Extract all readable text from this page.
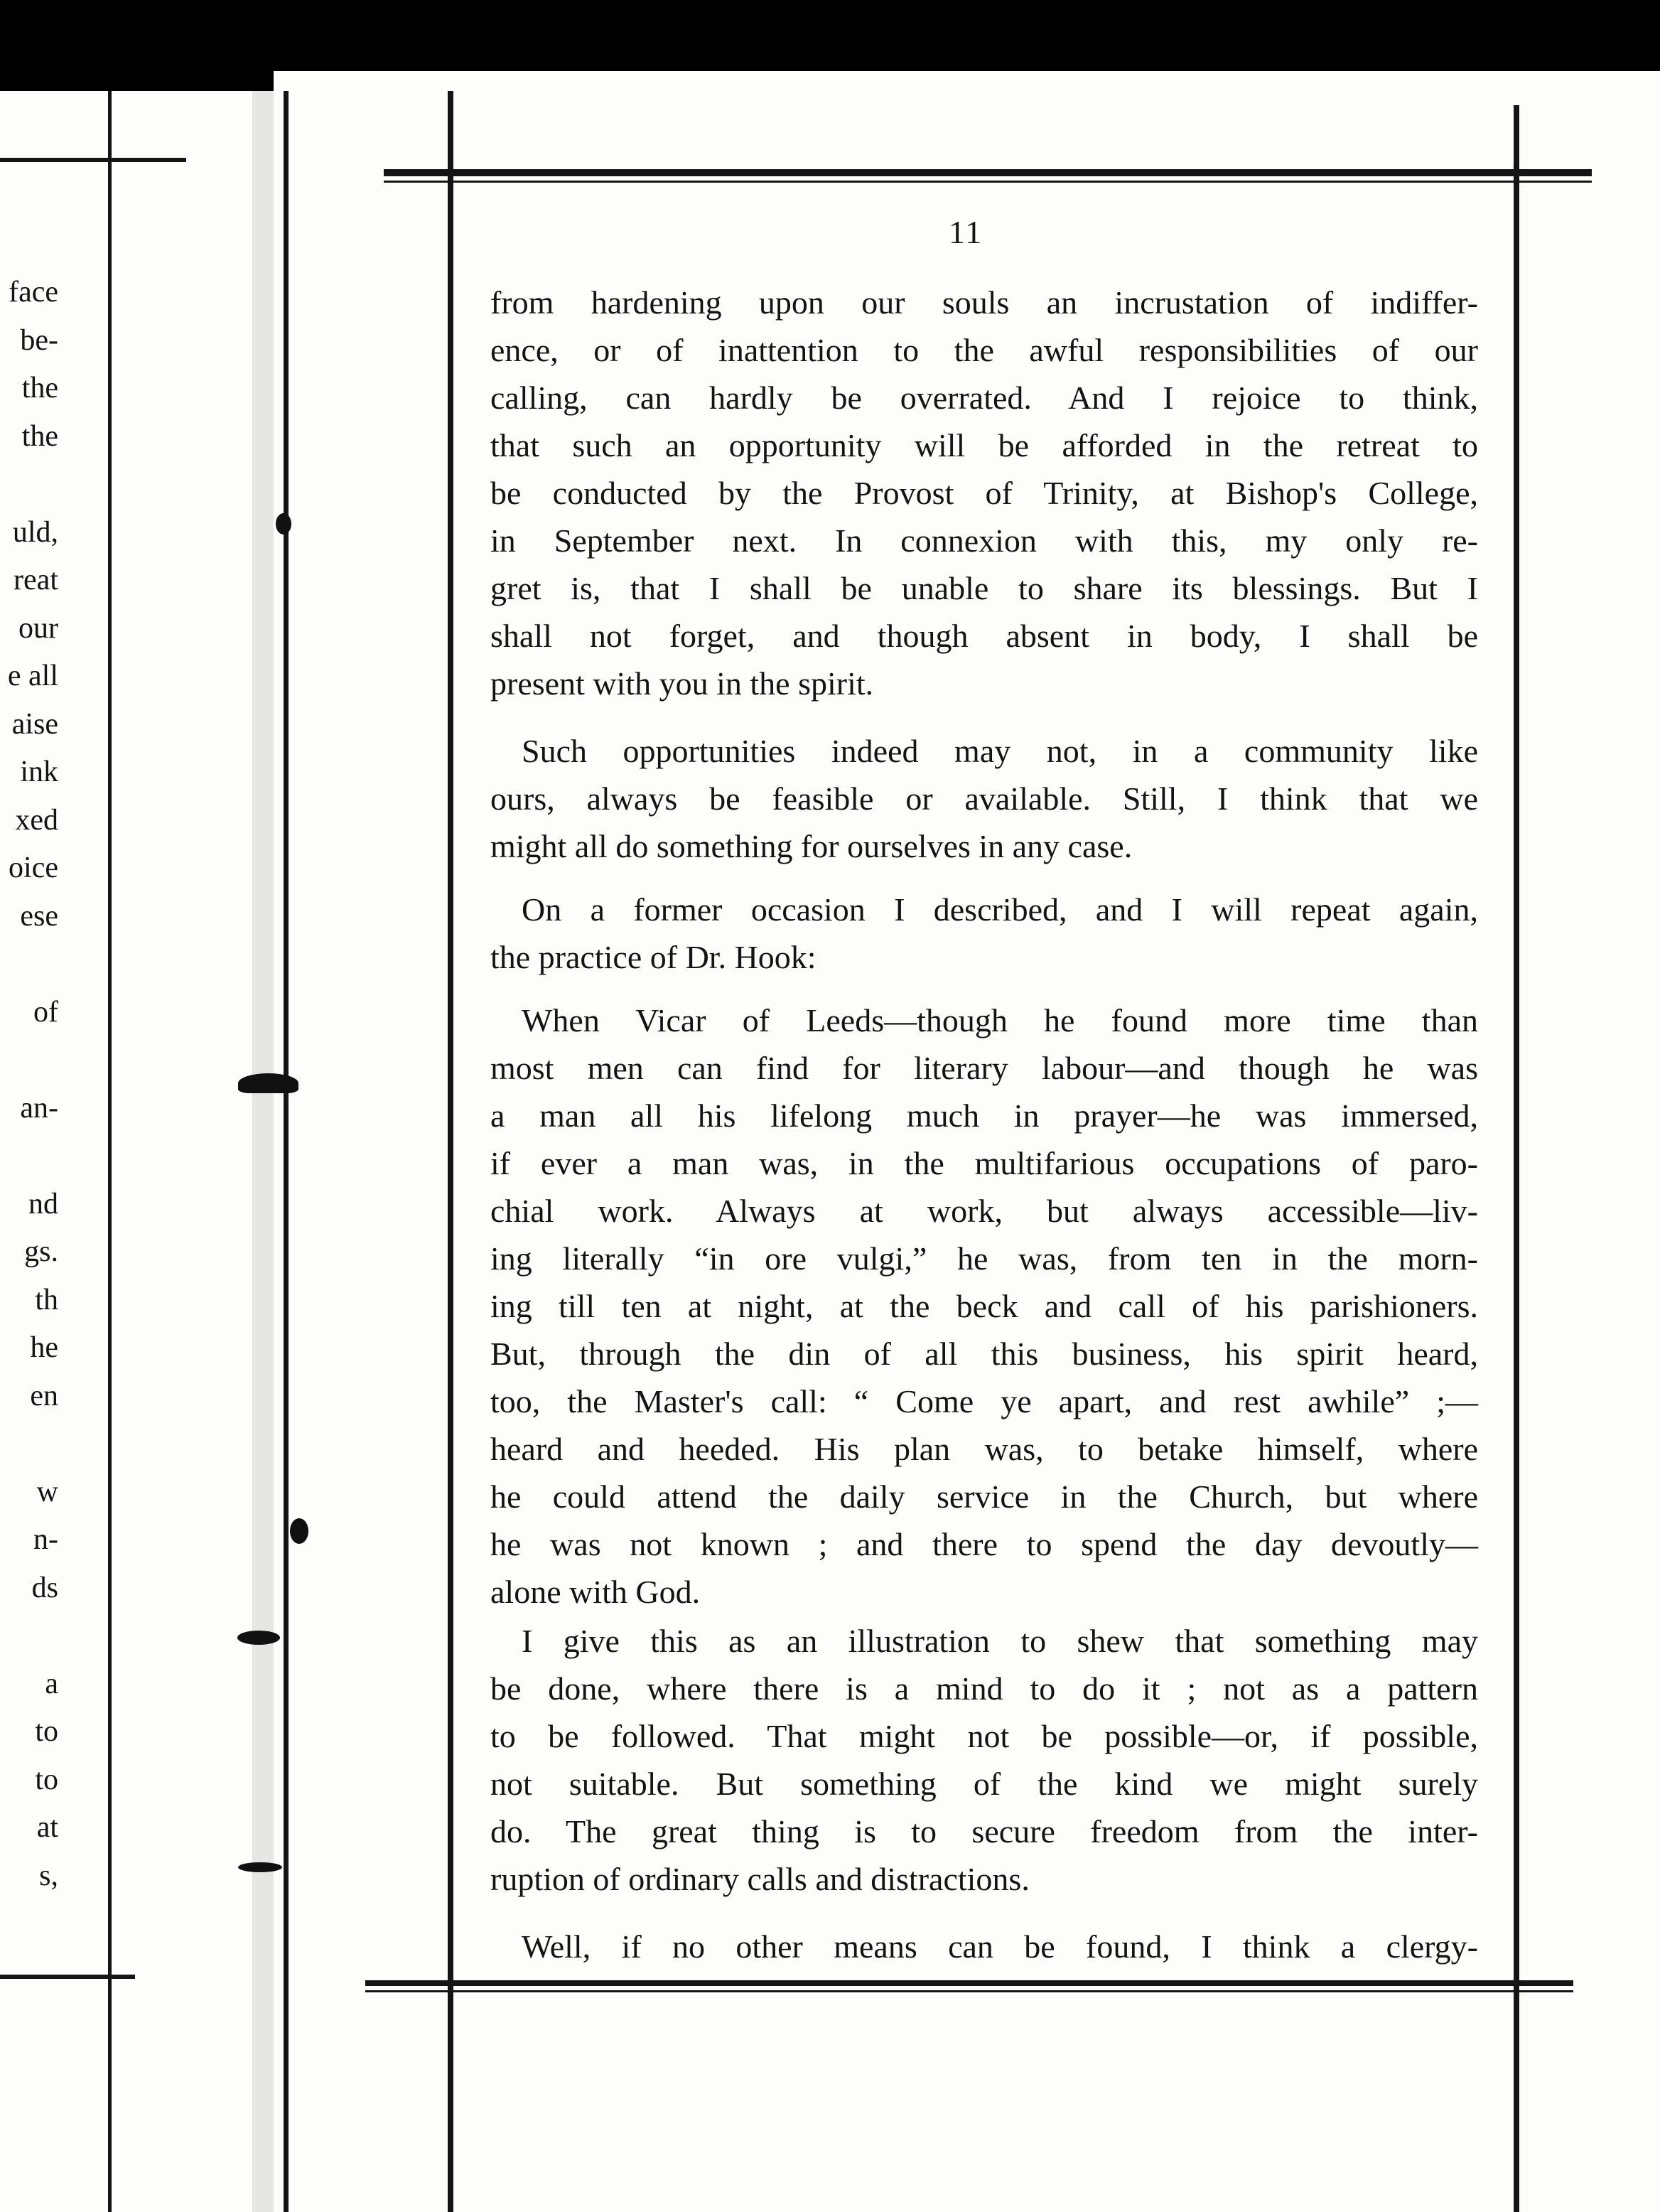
face

be-

the

the

uld,

reat

our

e all

aise

ink

xed

oice

ese

of

an-

nd

gs.

th

he

en

w

n-

ds

a

to

to

at

s,

11

from hardening upon our souls an incrustation of indiffer-
ence, or of inattention to the awful responsibilities of our
calling, can hardly be overrated. And I rejoice to think,
that such an opportunity will be afforded in the retreat to
be conducted by the Provost of Trinity, at Bishop's College,
in September next. In connexion with this, my only re-
gret is, that I shall be unable to share its blessings. But I
shall not forget, and though absent in body, I shall be
present with you in the spirit.
Such opportunities indeed may not, in a community like
ours, always be feasible or available. Still, I think that we
might all do something for ourselves in any case.
On a former occasion I described, and I will repeat again,
the practice of Dr. Hook:
When Vicar of Leeds—though he found more time than
most men can find for literary labour—and though he was
a man all his lifelong much in prayer—he was immersed,
if ever a man was, in the multifarious occupations of paro-
chial work. Always at work, but always accessible—liv-
ing literally “in ore vulgi,” he was, from ten in the morn-
ing till ten at night, at the beck and call of his parishioners.
But, through the din of all this business, his spirit heard,
too, the Master's call: “ Come ye apart, and rest awhile” ;—
heard and heeded. His plan was, to betake himself, where
he could attend the daily service in the Church, but where
he was not known ; and there to spend the day devoutly—
alone with God.
I give this as an illustration to shew that something may
be done, where there is a mind to do it ; not as a pattern
to be followed. That might not be possible—or, if possible,
not suitable. But something of the kind we might surely
do. The great thing is to secure freedom from the inter-
ruption of ordinary calls and distractions.
Well, if no other means can be found, I think a clergy-
